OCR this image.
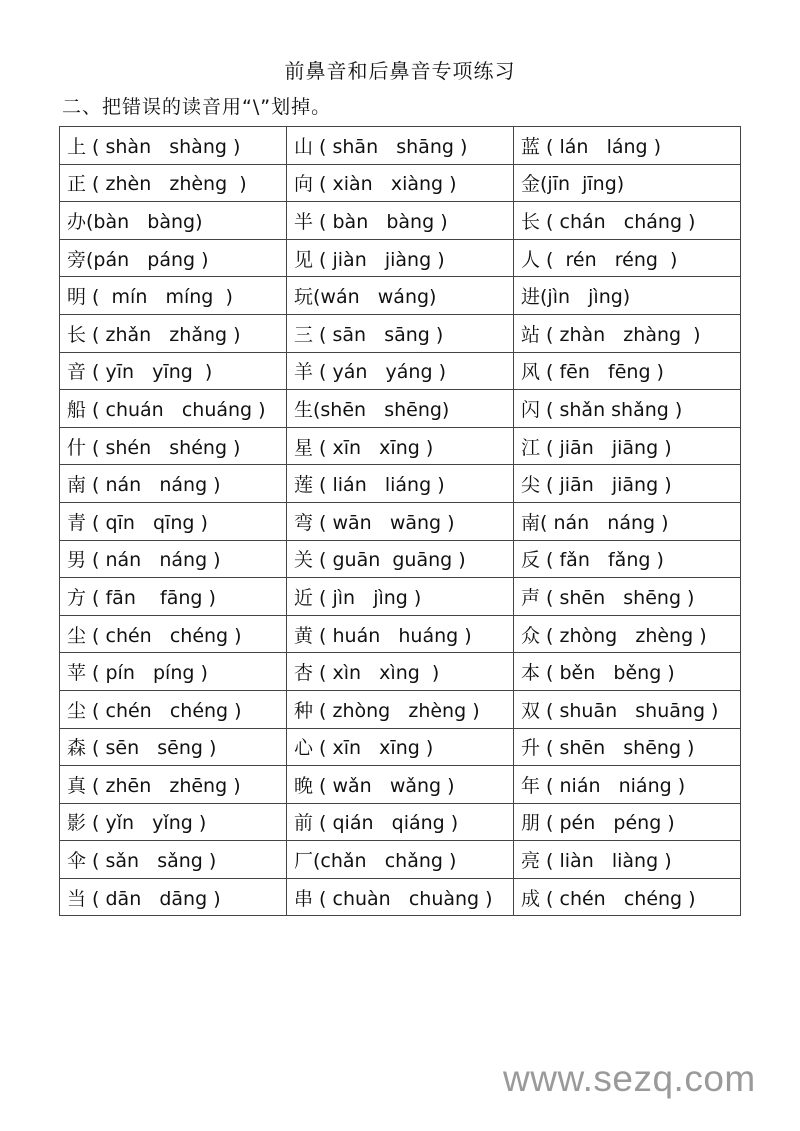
前鼻音和后鼻音专项练习
二、把错误的读音用“\”划掉。
上 ( shàn   shàng )	山 ( shān   shāng )	蓝 ( lán   láng )
正 ( zhèn   zhèng  )	向 ( xiàn   xiàng )	金(jīn  jīng)
办(bàn   bàng)	半 ( bàn   bàng )	长 ( chán   cháng )
旁(pán   páng )	见 ( jiàn   jiàng )	人 (  rén   réng  )
明 (  mín   míng  )	玩(wán   wáng)	进(jìn   jìng)
长 ( zhǎn   zhǎng )	三 ( sān   sāng )	站 ( zhàn   zhàng  )
音 ( yīn   yīng  )	羊 ( yán   yáng )	风 ( fēn   fēng )
船 ( chuán   chuáng )	生(shēn   shēng)	闪 ( shǎn shǎng )
什 ( shén   shéng )	星 ( xīn   xīng )	江 ( jiān   jiāng )
南 ( nán   náng )	莲 ( lián   liáng )	尖 ( jiān   jiāng )
青 ( qīn   qīng )	弯 ( wān   wāng )	南( nán   náng )
男 ( nán   náng )	关 ( guān  guāng )	反 ( fǎn   fǎng )
方 ( fān    fāng )	近 ( jìn   jìng )	声 ( shēn   shēng )
尘 ( chén   chéng )	黄 ( huán   huáng )	众 ( zhòng   zhèng )
苹 ( pín   píng )	杏 ( xìn   xìng  )	本 ( běn   běng )
尘 ( chén   chéng )	种 ( zhòng   zhèng )	双 ( shuān   shuāng )
森 ( sēn   sēng )	心 ( xīn   xīng )	升 ( shēn   shēng )
真 ( zhēn   zhēng )	晚 ( wǎn   wǎng )	年 ( nián   niáng )
影 ( yǐn   yǐng )	前 ( qián   qiáng )	朋 ( pén   péng )
伞 ( sǎn   sǎng )	厂(chǎn   chǎng )	亮 ( liàn   liàng )
当 ( dān   dāng )	串 ( chuàn   chuàng )	成 ( chén   chéng )
www.sezq.com
